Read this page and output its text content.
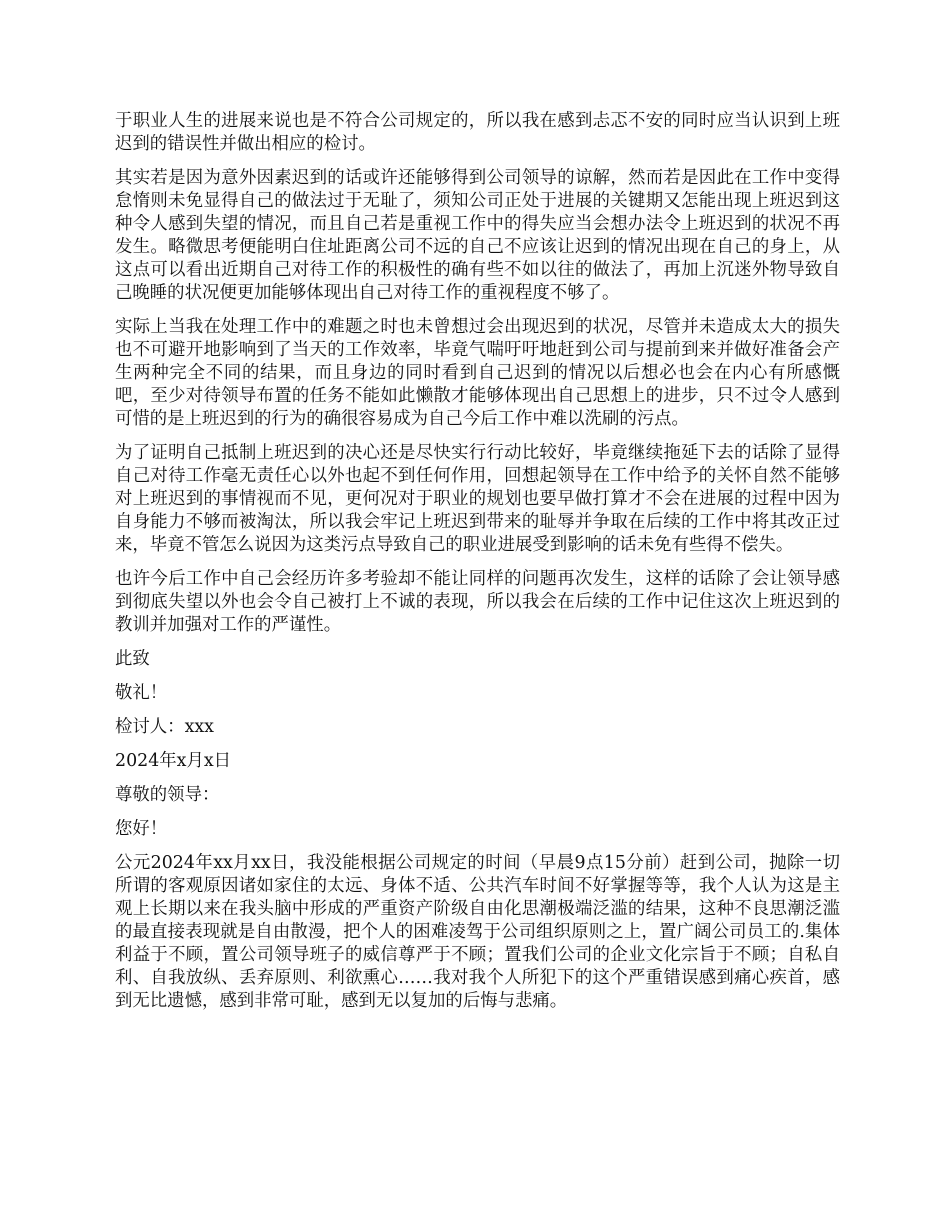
于职业人生的进展来说也是不符合公司规定的，所以我在感到忐忑不安的同时应当认识到上班迟到的错误性并做出相应的检讨。

其实若是因为意外因素迟到的话或许还能够得到公司领导的谅解，然而若是因此在工作中变得怠惰则未免显得自己的做法过于无耻了，须知公司正处于进展的关键期又怎能出现上班迟到这种令人感到失望的情况，而且自己若是重视工作中的得失应当会想办法令上班迟到的状况不再发生。略微思考便能明白住址距离公司不远的自己不应该让迟到的情况出现在自己的身上，从这点可以看出近期自己对待工作的积极性的确有些不如以往的做法了，再加上沉迷外物导致自己晚睡的状况便更加能够体现出自己对待工作的重视程度不够了。

实际上当我在处理工作中的难题之时也未曾想过会出现迟到的状况，尽管并未造成太大的损失也不可避开地影响到了当天的工作效率，毕竟气喘吁吁地赶到公司与提前到来并做好准备会产生两种完全不同的结果，而且身边的同时看到自己迟到的情况以后想必也会在内心有所感慨吧，至少对待领导布置的任务不能如此懒散才能够体现出自己思想上的进步，只不过令人感到可惜的是上班迟到的行为的确很容易成为自己今后工作中难以洗刷的污点。

为了证明自己抵制上班迟到的决心还是尽快实行行动比较好，毕竟继续拖延下去的话除了显得自己对待工作毫无责任心以外也起不到任何作用，回想起领导在工作中给予的关怀自然不能够对上班迟到的事情视而不见，更何况对于职业的规划也要早做打算才不会在进展的过程中因为自身能力不够而被淘汰，所以我会牢记上班迟到带来的耻辱并争取在后续的工作中将其改正过来，毕竟不管怎么说因为这类污点导致自己的职业进展受到影响的话未免有些得不偿失。

也许今后工作中自己会经历许多考验却不能让同样的问题再次发生，这样的话除了会让领导感到彻底失望以外也会令自己被打上不诚的表现，所以我会在后续的工作中记住这次上班迟到的教训并加强对工作的严谨性。

此致

敬礼！

检讨人：xxx

2024年x月x日

尊敬的领导：

您好！

公元2024年xx月xx日，我没能根据公司规定的时间（早晨9点15分前）赶到公司，抛除一切所谓的客观原因诸如家住的太远、身体不适、公共汽车时间不好掌握等等，我个人认为这是主观上长期以来在我头脑中形成的严重资产阶级自由化思潮极端泛滥的结果，这种不良思潮泛滥的最直接表现就是自由散漫，把个人的困难凌驾于公司组织原则之上，置广阔公司员工的.集体利益于不顾，置公司领导班子的威信尊严于不顾；置我们公司的企业文化宗旨于不顾；自私自利、自我放纵、丢弃原则、利欲熏心……我对我个人所犯下的这个严重错误感到痛心疾首，感到无比遗憾，感到非常可耻，感到无以复加的后悔与悲痛。
